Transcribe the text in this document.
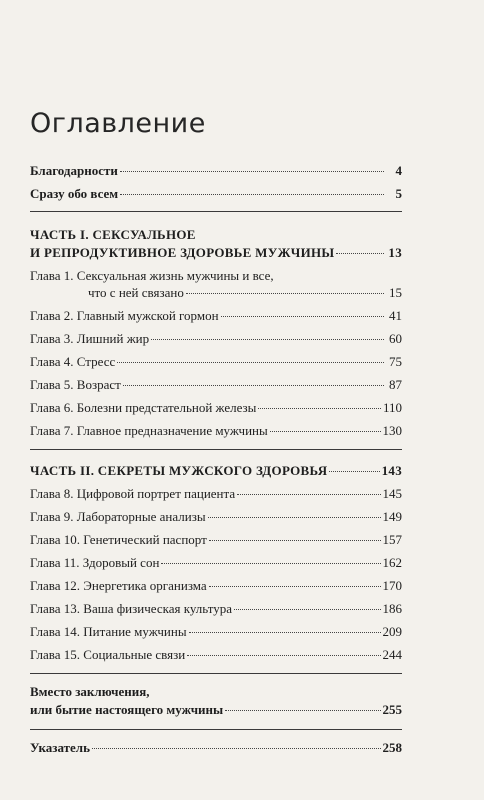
Оглавление
Благодарности	4
Сразу обо всем	5
ЧАСТЬ I. СЕКСУАЛЬНОЕ
И РЕПРОДУКТИВНОЕ ЗДОРОВЬЕ МУЖЧИНЫ	13
Глава 1. Сексуальная жизнь мужчины и все,
что с ней связано	15
Глава 2. Главный мужской гормон	41
Глава 3. Лишний жир	60
Глава 4. Стресс	75
Глава 5. Возраст	87
Глава 6. Болезни предстательной железы	110
Глава 7. Главное предназначение мужчины	130
ЧАСТЬ II. СЕКРЕТЫ МУЖСКОГО ЗДОРОВЬЯ	143
Глава 8. Цифровой портрет пациента	145
Глава 9. Лабораторные анализы	149
Глава 10. Генетический паспорт	157
Глава 11. Здоровый сон	162
Глава 12. Энергетика организма	170
Глава 13. Ваша физическая культура	186
Глава 14. Питание мужчины	209
Глава 15. Социальные связи	244
Вместо заключения,
или бытие настоящего мужчины	255
Указатель	258
